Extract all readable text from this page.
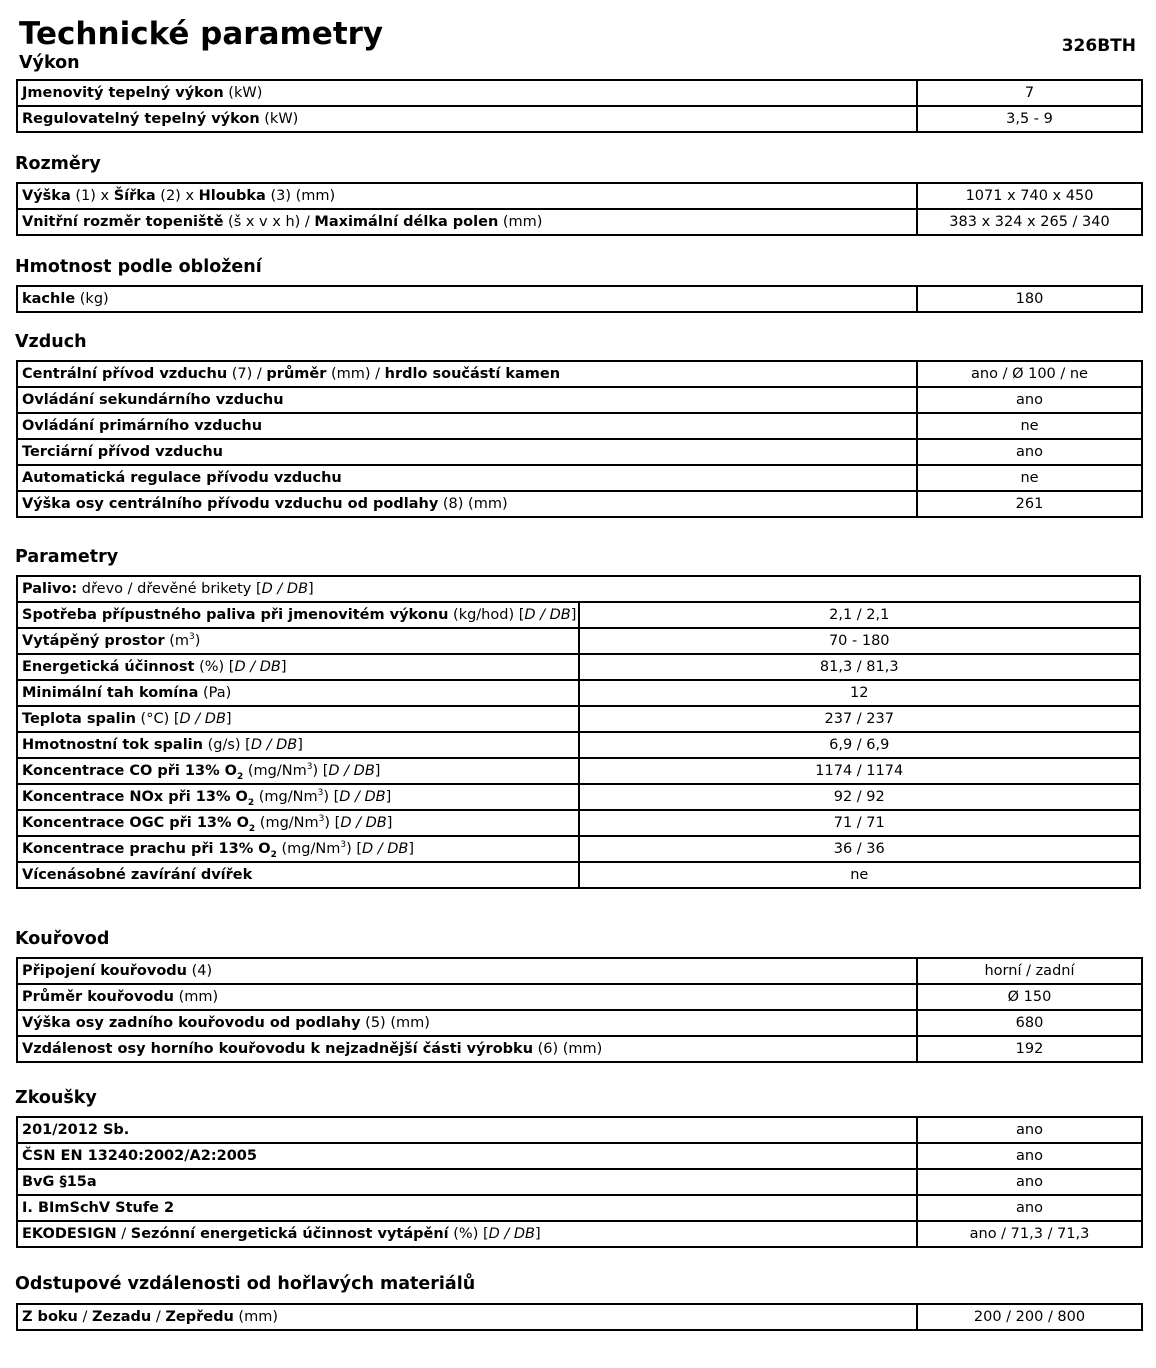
Technické parametry	326BTH
Výkon
Jmenovitý tepelný výkon (kW)	7
Regulovatelný tepelný výkon (kW)	3,5 - 9
Rozměry
Výška (1) x Šířka (2) x Hloubka (3) (mm)	1071 x 740 x 450
Vnitřní rozměr topeniště (š x v x h) / Maximální délka polen (mm)	383 x 324 x 265 / 340
Hmotnost podle obložení
kachle (kg)	180
Vzduch
Centrální přívod vzduchu (7) / průměr (mm) / hrdlo součástí kamen	ano / Ø 100 / ne
Ovládání sekundárního vzduchu	ano
Ovládání primárního vzduchu	ne
Terciární přívod vzduchu	ano
Automatická regulace přívodu vzduchu	ne
Výška osy centrálního přívodu vzduchu od podlahy (8) (mm)	261
Parametry
Palivo: dřevo / dřevěné brikety [D / DB]	
Spotřeba přípustného paliva při jmenovitém výkonu (kg/hod) [D / DB]	2,1 / 2,1
Vytápěný prostor $(m^3)$	70 - 180
Energetická účinnost (%) [D / DB]	81,3 / 81,3
Minimální tah komína (Pa)	12
Teplota spalin (°C) [D / DB]	237 / 237
Hmotnostní tok spalin (g/s) [D / DB]	6,9 / 6,9
Koncentrace CO při 13% $O_2$ (mg/Nm$^3$) [D / DB]	1174 / 1174
Koncentrace NOx při 13% $O_2$ (mg/Nm$^3$) [D / DB]	92 / 92
Koncentrace OGC při 13% $O_2$ (mg/Nm$^3$) [D / DB]	71 / 71
Koncentrace prachu při 13% $O_2$ (mg/Nm$^3$) [D / DB]	36 / 36
Vícenásobné zavírání dvířek	ne
Kouřovod
Připojení kouřovodu (4)	horní / zadní
Průměr kouřovodu (mm)	Ø 150
Výška osy zadního kouřovodu od podlahy (5) (mm)	680
Vzdálenost osy horního kouřovodu k nejzadnější části výrobku (6) (mm)	192
Zkoušky
201/2012 Sb.	ano
ČSN EN 13240:2002/A2:2005	ano
BvG §15a	ano
I. BImSchV Stufe 2	ano
EKODESIGN / Sezónní energetická účinnost vytápění (%) [D / DB]	ano / 71,3 / 71,3
Odstupové vzdálenosti od hořlavých materiálů
Z boku / Zezadu / Zepředu (mm)	200 / 200 / 800
